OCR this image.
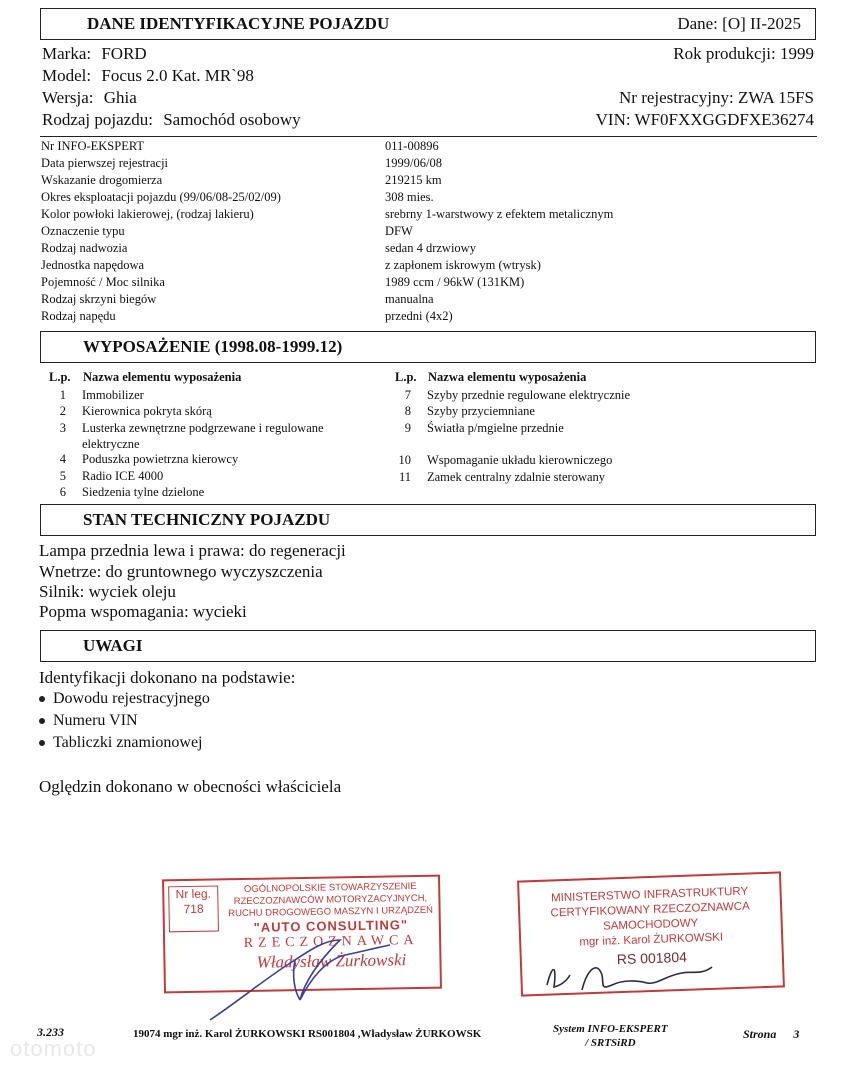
DANE IDENTYFIKACYJNE POJAZDU	Dane: [O] II-2025
Marka: FORD
Model: Focus 2.0 Kat. MR`98
Wersja: Ghia
Rodzaj pojazdu: Samochód osobowy
Rok produkcji: 1999
Nr rejestracyjny: ZWA 15FS
VIN: WF0FXXGGDFXE36274
Nr INFO-EKSPERT	011-00896
Data pierwszej rejestracji	1999/06/08
Wskazanie drogomierza	219215 km
Okres eksploatacji pojazdu (99/06/08-25/02/09)	308 mies.
Kolor powłoki lakierowej, (rodzaj lakieru)	srebrny 1-warstwowy z efektem metalicznym
Oznaczenie typu	DFW
Rodzaj nadwozia	sedan 4 drzwiowy
Jednostka napędowa	z zapłonem iskrowym (wtrysk)
Pojemność / Moc silnika	1989 ccm / 96kW (131KM)
Rodzaj skrzyni biegów	manualna
Rodzaj napędu	przedni (4x2)
WYPOSAŻENIE (1998.08-1999.12)
L.p. Nazwa elementu wyposażenia	L.p. Nazwa elementu wyposażenia
1 Immobilizer
2 Kierownica pokryta skórą
3 Lusterka zewnętrzne podgrzewane i regulowane elektryczne
4 Poduszka powietrzna kierowcy
5 Radio ICE 4000
6 Siedzenia tylne dzielone
7 Szyby przednie regulowane elektrycznie
8 Szyby przyciemniane
9 Światła p/mgielne przednie
10 Wspomaganie układu kierowniczego
11 Zamek centralny zdalnie sterowany
STAN TECHNICZNY POJAZDU
Lampa przednia lewa i prawa: do regeneracji
Wnetrze: do gruntownego wyczyszczenia
Silnik: wyciek oleju
Popma wspomagania: wycieki
UWAGI
Identyfikacji dokonano na podstawie:
Dowodu rejestracyjnego
Numeru VIN
Tabliczki znamionowej
Oględzin dokonano w obecności właściciela
Nr leg.
718
OGÓLNOPOLSKIE STOWARZYSZENIE
RZECZOZNAWCÓW MOTORYZACYJNYCH,
RUCHU DROGOWEGO MASZYN I URZĄDZEŃ
"AUTO CONSULTING"
RZECZOZNAWCA
Władysław Żurkowski
MINISTERSTWO INFRASTRUKTURY
CERTYFIKOWANY RZECZOZNAWCA
SAMOCHODOWY
mgr inż. Karol ŻURKOWSKI
RS 001804
3.233	19074 mgr inż. Karol ŻURKOWSKI RS001804 ,Władysław ŻURKOWSK	System INFO-EKSPERT
/ SRTSiRD
Strona 3
otomoto
